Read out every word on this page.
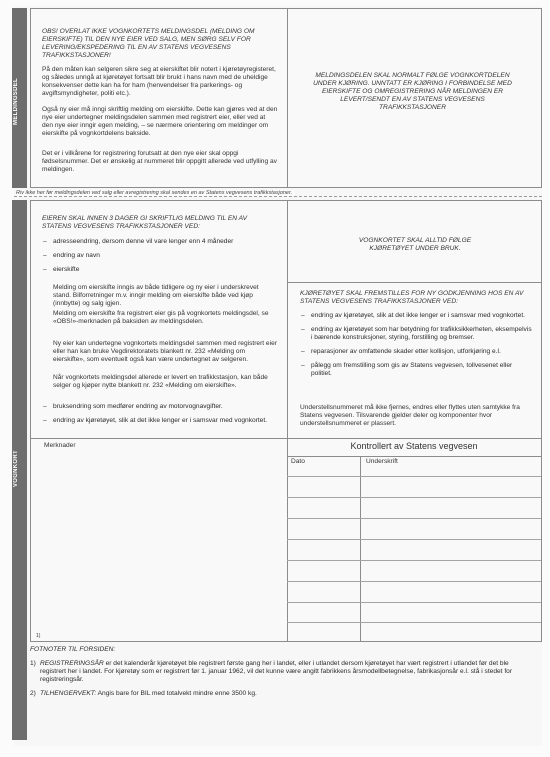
MELDINGSDEL
VOGNKORT
OBS! OVERLAT IKKE VOGNKORTETS MELDINGSDEL (MELDING OM EIERSKIFTE) TIL DEN NYE EIER VED SALG, MEN SØRG SELV FOR LEVERING/EKSPEDERING TIL EN AV STATENS VEGVESENS TRAFIKKSTASJONER!
På den måten kan selgeren sikre seg at eierskiftet blir notert i kjøretøyregisteret, og således unngå at kjøretøyet fortsatt blir brukt i hans navn med de uheldige konsekvenser dette kan ha for ham (henvendelser fra parkerings- og avgiftsmyndigheter, politi etc.).
Også ny eier må inngi skriftlig melding om eierskifte. Dette kan gjøres ved at den nye eier undertegner meldingsdelen sammen med registrert eier, eller ved at den nye eier inngir egen melding, – se nærmere orientering om meldinger om eierskifte på vognkortdelens bakside.
Det er i vilkårene for registrering forutsatt at den nye eier skal oppgi fødselsnummer. Det er ønskelig at nummeret blir oppgitt allerede ved utfylling av meldingen.
MELDINGSDELEN SKAL NORMALT FØLGE VOGNKORTDELEN UNDER KJØRING. UNNTATT ER KJØRING I FORBINDELSE MED EIERSKIFTE OG OMREGISTRERING NÅR MELDINGEN ER LEVERT/SENDT EN AV STATENS VEGVESENS TRAFIKKSTASJONER
Riv ikke her før meldingsdelen ved salg eller avregistrering skal sendes en av Statens vegvesens trafikkstasjoner.
EIEREN SKAL INNEN 3 DAGER GI SKRIFTLIG MELDING TIL EN AV STATENS VEGVESENS TRAFIKKSTASJONER VED:
– adresseendring, dersom denne vil vare lenger enn 4 måneder
– endring av navn
– eierskifte
Melding om eierskifte inngis av både tidligere og ny eier i underskrevet stand. Bilforretninger m.v. inngir melding om eierskifte både ved kjøp (innbytte) og salg igjen.
Melding om eierskifte fra registrert eier gis på vognkortets meldingsdel, se «OBS!»-merknaden på baksiden av meldingsdelen.
Ny eier kan undertegne vognkortets meldingsdel sammen med registrert eier eller han kan bruke Vegdirektoratets blankett nr. 232 «Melding om eierskifte», som eventuelt også kan være undertegnet av selgeren.
Når vognkortets meldingsdel allerede er levert en trafikkstasjon, kan både selger og kjøper nytte blankett nr. 232 «Melding om eierskifte».
– bruksendring som medfører endring av motorvognavgifter.
– endring av kjøretøyet, slik at det ikke lenger er i samsvar med vognkortet.
VOGNKORTET SKAL ALLTID FØLGE KJØRETØYET UNDER BRUK.
KJØRETØYET SKAL FREMSTILLES FOR NY GODKJENNING HOS EN AV STATENS VEGVESENS TRAFIKKSTASJONER VED:
– endring av kjøretøyet, slik at det ikke lenger er i samsvar med vognkortet.
– endring av kjøretøyet som har betydning for trafikksikkerheten, eksempelvis i bærende konstruksjoner, styring, forstilling og bremser.
– reparasjoner av omfattende skader etter kollisjon, utforkjøring e.l.
– pålegg om fremstilling som gis av Statens vegvesen, tollvesenet eller politiet.
Understellsnummeret må ikke fjernes, endres eller flyttes uten samtykke fra Statens vegvesen. Tilsvarende gjelder deler og komponenter hvor understellsnummeret er plassert.
Merknader	Kontrollert av Statens vegvesen
Dato	Underskrift
1)
FOTNOTER TIL FORSIDEN:
1) REGISTRERINGSÅR er det kalenderår kjøretøyet ble registrert første gang her i landet, eller i utlandet dersom kjøretøyet har vært registrert i utlandet før det ble registrert her i landet. For kjøretøy som er registrert før 1. januar 1962, vil det kunne være angitt fabrikkens årsmodellbetegnelse, fabrikasjonsår e.l. stå i stedet for registreringsår.
2) TILHENGERVEKT: Angis bare for BIL med totalvekt mindre enne 3500 kg.
